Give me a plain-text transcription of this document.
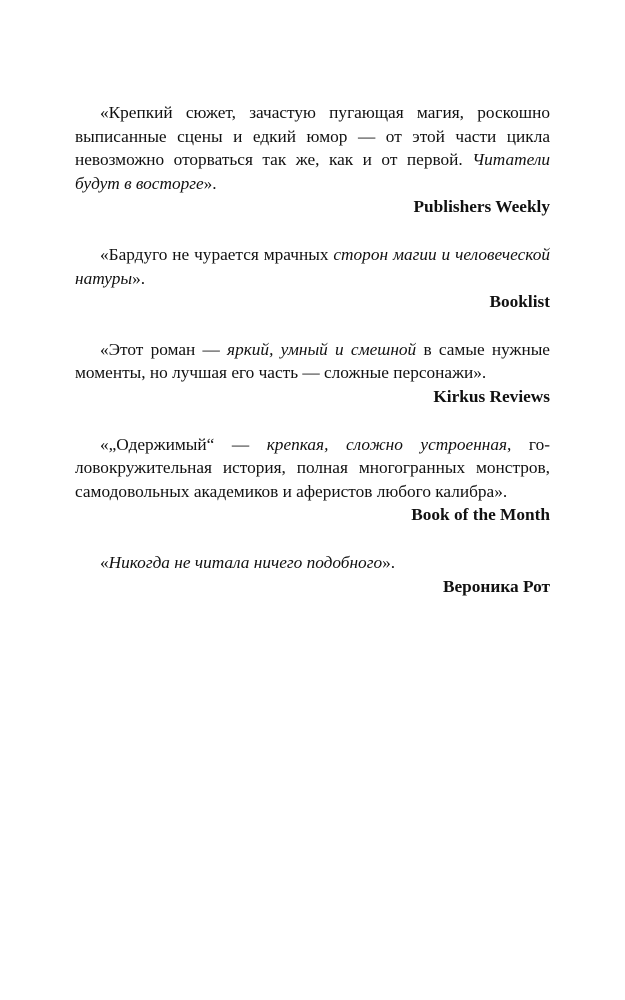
«Крепкий сюжет, зачастую пугающая магия, роскошно выписанные сцены и едкий юмор — от этой части цикла невозможно оторваться так же, как и от первой. Читатели будут в восторге».

Publishers Weekly

«Бардуго не чурается мрачных сторон магии и человеческой натуры».

Booklist

«Этот роман — яркий, умный и смешной в самые нужные моменты, но лучшая его часть — сложные персонажи».

Kirkus Reviews

«„Одержимый“ — крепкая, сложно устроенная, головокружительная история, полная многогранных монстров, самодовольных академиков и аферистов любого калибра».

Book of the Month

«Никогда не читала ничего подобного».

Вероника Рот
